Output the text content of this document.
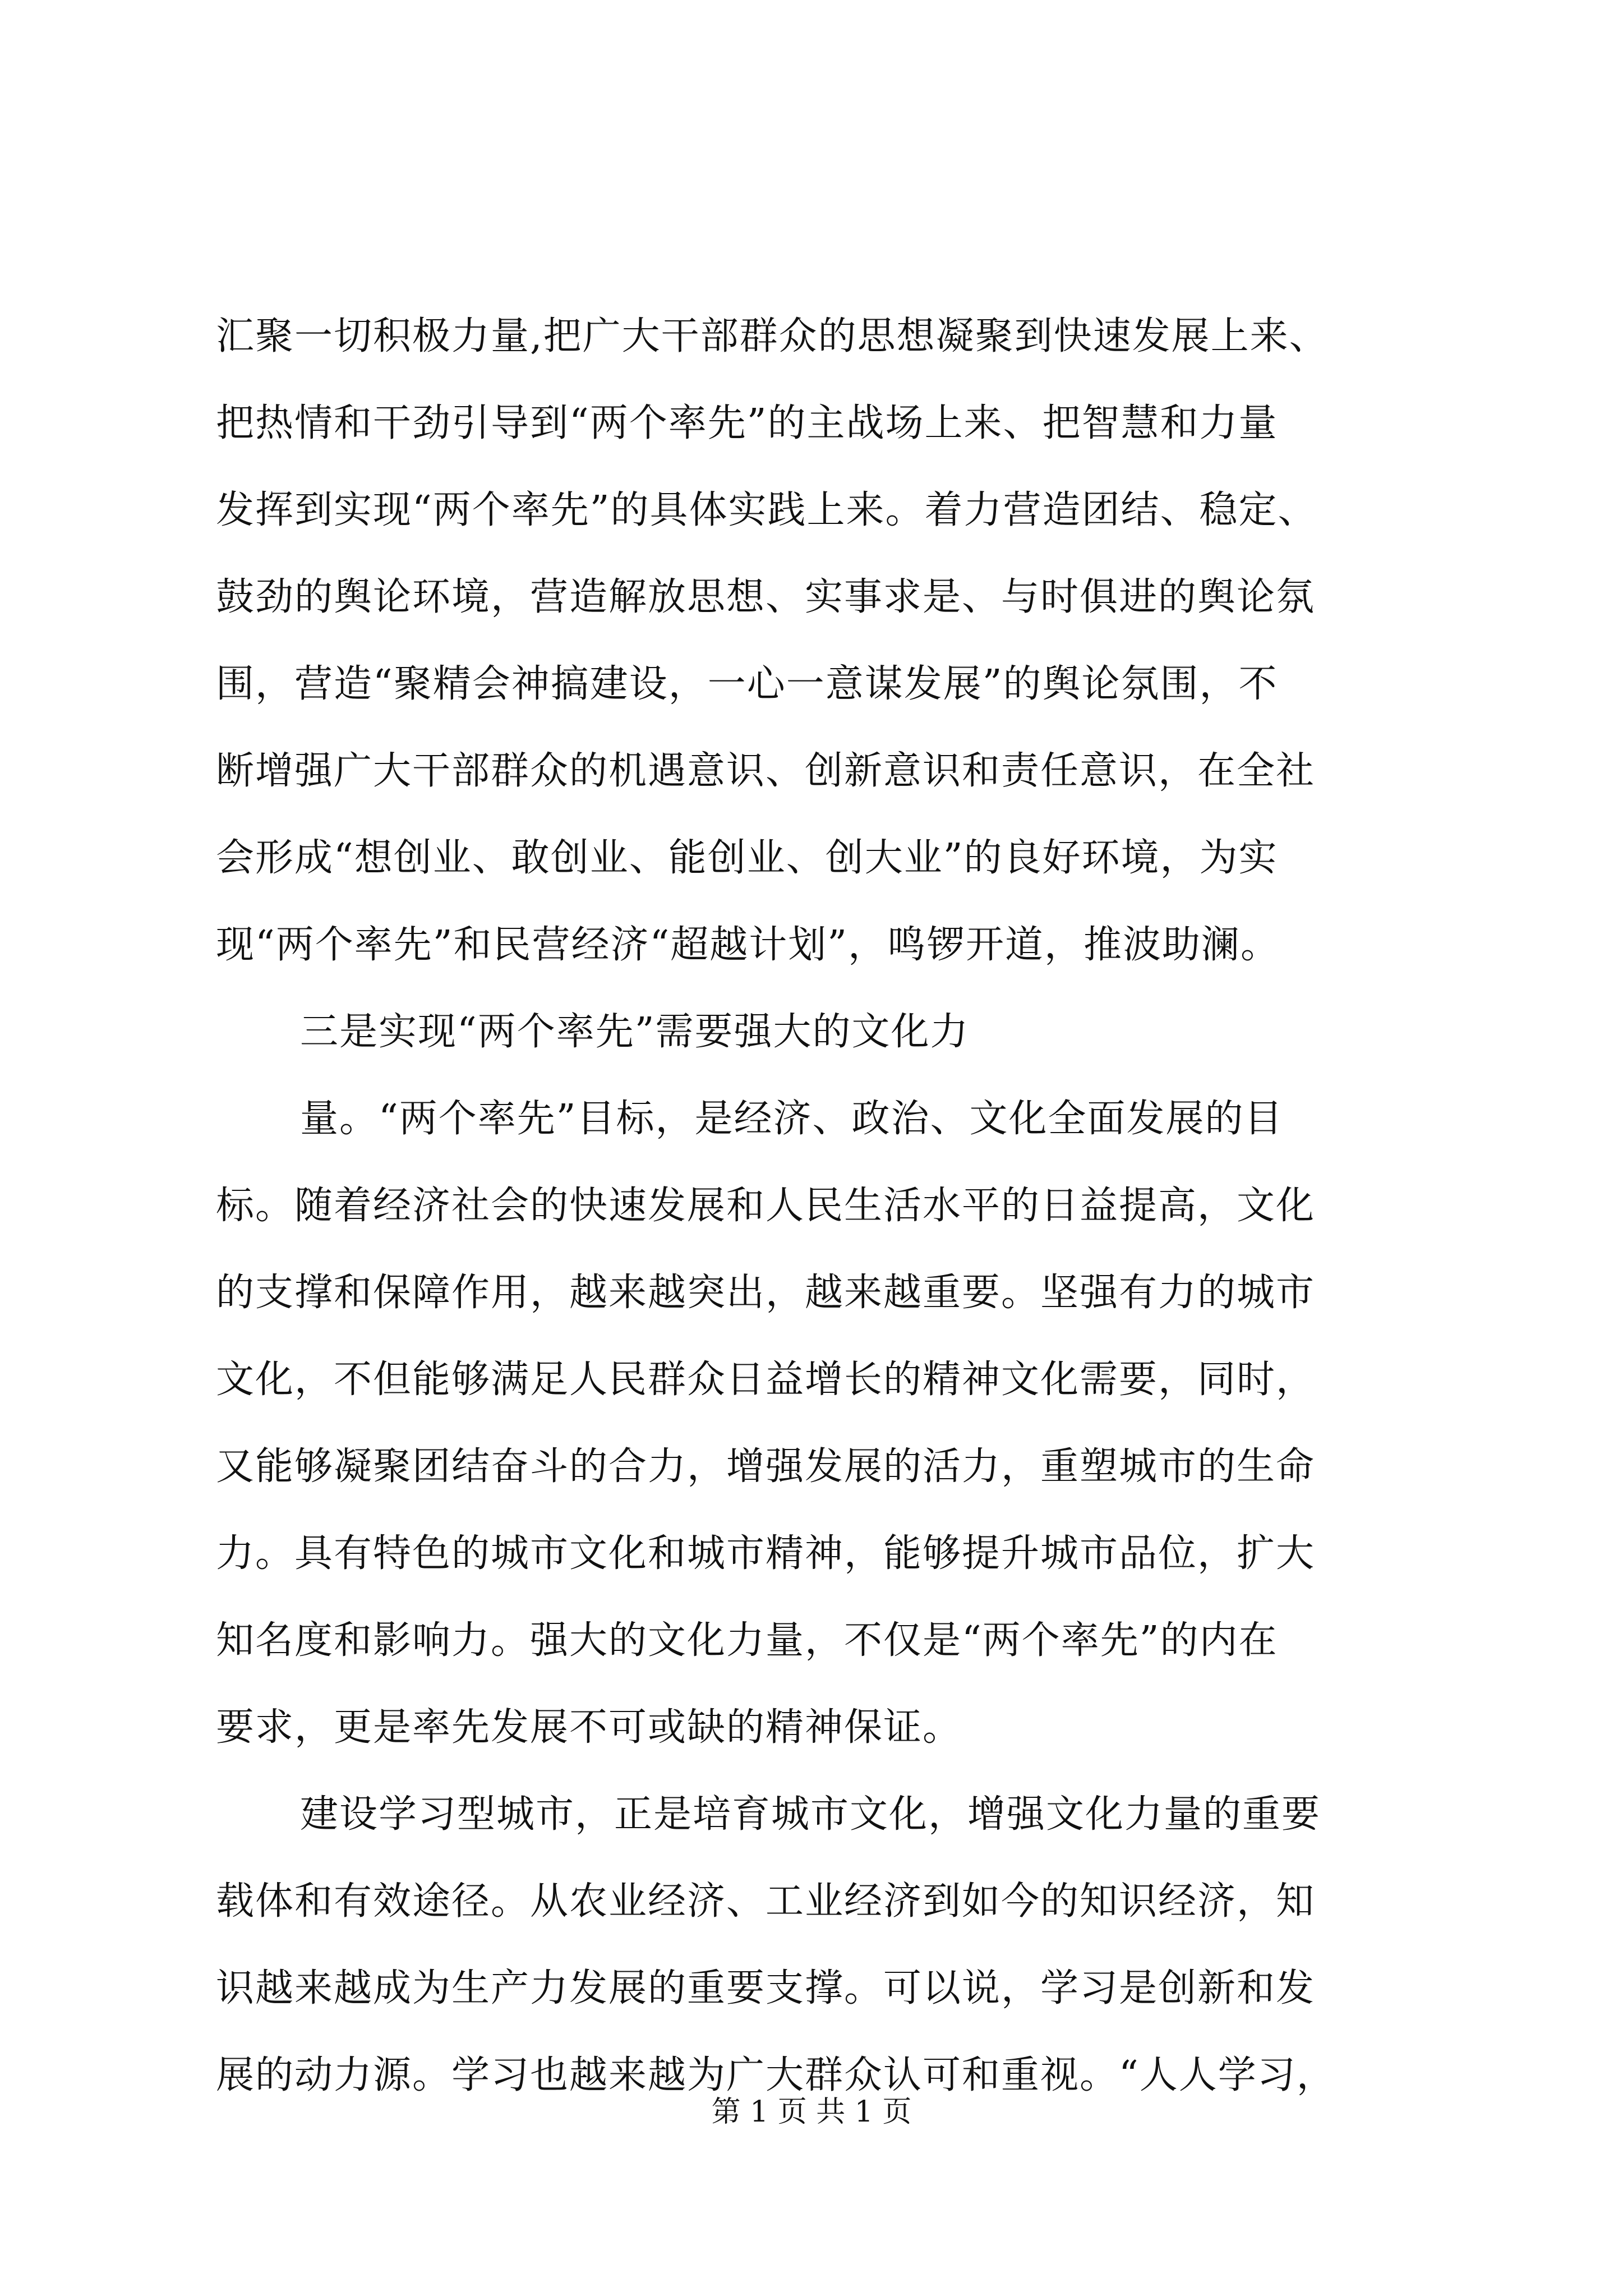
汇聚一切积极力量,把广大干部群众的思想凝聚到快速发展上来、
把热情和干劲引导到“两个率先”的主战场上来、把智慧和力量
发挥到实现“两个率先”的具体实践上来。着力营造团结、稳定、
鼓劲的舆论环境，营造解放思想、实事求是、与时俱进的舆论氛
围，营造“聚精会神搞建设，一心一意谋发展”的舆论氛围，不
断增强广大干部群众的机遇意识、创新意识和责任意识，在全社
会形成“想创业、敢创业、能创业、创大业”的良好环境，为实
现“两个率先”和民营经济“超越计划”，鸣锣开道，推波助澜。
三是实现“两个率先”需要强大的文化力
量。“两个率先”目标，是经济、政治、文化全面发展的目
标。随着经济社会的快速发展和人民生活水平的日益提高，文化
的支撑和保障作用，越来越突出，越来越重要。坚强有力的城市
文化，不但能够满足人民群众日益增长的精神文化需要，同时，
又能够凝聚团结奋斗的合力，增强发展的活力，重塑城市的生命
力。具有特色的城市文化和城市精神，能够提升城市品位，扩大
知名度和影响力。强大的文化力量，不仅是“两个率先”的内在
要求，更是率先发展不可或缺的精神保证。
建设学习型城市，正是培育城市文化，增强文化力量的重要
载体和有效途径。从农业经济、工业经济到如今的知识经济，知
识越来越成为生产力发展的重要支撑。可以说，学习是创新和发
展的动力源。学习也越来越为广大群众认可和重视。“人人学习，
第 1 页 共 1 页
